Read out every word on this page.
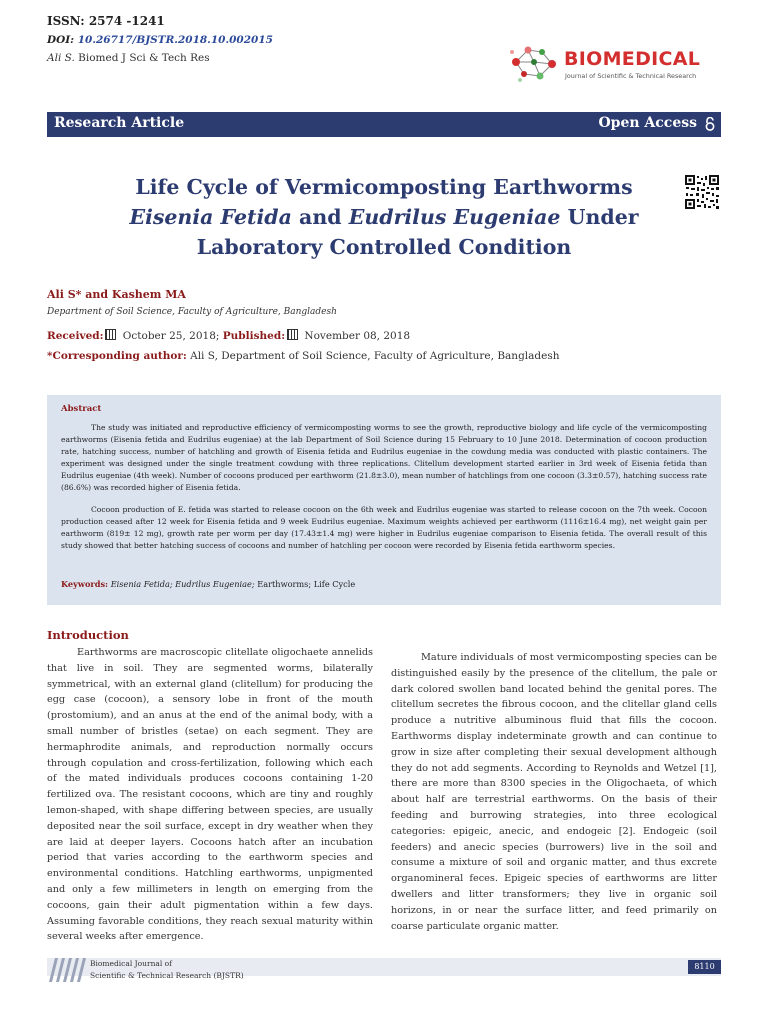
ISSN: 2574 -1241
DOI: 10.26717/BJSTR.2018.10.002015
Ali S. Biomed J Sci & Tech Res	BIOMEDICAL
Journal of Scientific & Technical Research
Research Article	Open Access
Life Cycle of Vermicomposting Earthworms
Eisenia Fetida and Eudrilus Eugeniae Under
Laboratory Controlled Condition
Ali S* and Kashem MA
Department of Soil Science, Faculty of Agriculture, Bangladesh
Received: October 25, 2018; Published: November 08, 2018
*Corresponding author: Ali S, Department of Soil Science, Faculty of Agriculture, Bangladesh
Abstract
The study was initiated and reproductive efficiency of vermicomposting worms to see the growth, reproductive biology and life cycle of the vermicomposting earthworms (Eisenia fetida and Eudrilus eugeniae) at the lab Department of Soil Science during 15 February to 10 June 2018. Determination of cocoon production rate, hatching success, number of hatchling and growth of Eisenia fetida and Eudrilus eugeniae in the cowdung media was conducted with plastic containers. The experiment was designed under the single treatment cowdung with three replications. Clitellum development started earlier in 3rd week of Eisenia fetida than Eudrilus eugeniae (4th week). Number of cocoons produced per earthworm (21.8±3.0), mean number of hatchlings from one cocoon (3.3±0.57), hatching success rate (86.6%) was recorded higher of Eisenia fetida.
Cocoon production of E. fetida was started to release cocoon on the 6th week and Eudrilus eugeniae was started to release cocoon on the 7th week. Cocoon production ceased after 12 week for Eisenia fetida and 9 week Eudrilus eugeniae. Maximum weights achieved per earthworm (1116±16.4 mg), net weight gain per earthworm (819± 12 mg), growth rate per worm per day (17.43±1.4 mg) were higher in Eudrilus eugeniae comparison to Eisenia fetida. The overall result of this study showed that better hatching success of cocoons and number of hatchling per cocoon were recorded by Eisenia fetida earthworm species.
Keywords: Eisenia Fetida; Eudrilus Eugeniae; Earthworms; Life Cycle
Introduction
Earthworms are macroscopic clitellate oligochaete annelids that live in soil. They are segmented worms, bilaterally symmetrical, with an external gland (clitellum) for producing the egg case (cocoon), a sensory lobe in front of the mouth (prostomium), and an anus at the end of the animal body, with a small number of bristles (setae) on each segment. They are hermaphrodite animals, and reproduction normally occurs through copulation and cross-fertilization, following which each of the mated individuals produces cocoons containing 1-20 fertilized ova. The resistant cocoons, which are tiny and roughly lemon-shaped, with shape differing between species, are usually deposited near the soil surface, except in dry weather when they are laid at deeper layers. Cocoons hatch after an incubation period that varies according to the earthworm species and environmental conditions. Hatchling earthworms, unpigmented and only a few millimeters in length on emerging from the cocoons, gain their adult pigmentation within a few days. Assuming favorable conditions, they reach sexual maturity within several weeks after emergence.
Mature individuals of most vermicomposting species can be distinguished easily by the presence of the clitellum, the pale or dark colored swollen band located behind the genital pores. The clitellum secretes the fibrous cocoon, and the clitellar gland cells produce a nutritive albuminous fluid that fills the cocoon. Earthworms display indeterminate growth and can continue to grow in size after completing their sexual development although they do not add segments. According to Reynolds and Wetzel [1], there are more than 8300 species in the Oligochaeta, of which about half are terrestrial earthworms. On the basis of their feeding and burrowing strategies, into three ecological categories: epigeic, anecic, and endogeic [2]. Endogeic (soil feeders) and anecic species (burrowers) live in the soil and consume a mixture of soil and organic matter, and thus excrete organomineral feces. Epigeic species of earthworms are litter dwellers and litter transformers; they live in organic soil horizons, in or near the surface litter, and feed primarily on coarse particulate organic matter.
Biomedical Journal of
Scientific & Technical Research (BJSTR)
8110
